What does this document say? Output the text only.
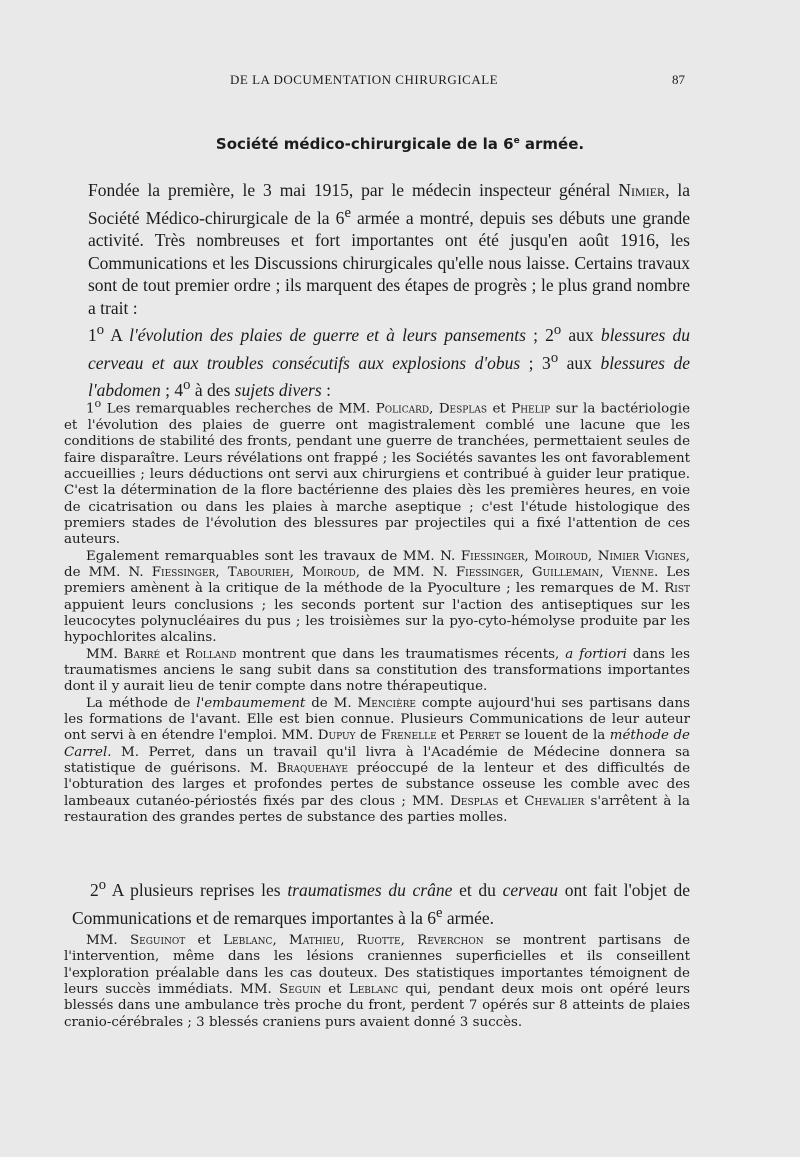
DE LA DOCUMENTATION CHIRURGICALE	87
Société médico-chirurgicale de la 6e armée.

Fondée la première, le 3 mai 1915, par le médecin inspecteur général Nimier, la Société Médico-chirurgicale de la 6e armée a montré, depuis ses débuts une grande activité. Très nombreuses et fort importantes ont été jusqu'en août 1916, les Communications et les Discussions chirurgicales qu'elle nous laisse. Certains travaux sont de tout premier ordre ; ils marquent des étapes de progrès ; le plus grand nombre a trait :

1$^o$ A l'évolution des plaies de guerre et à leurs pansements ; 2$^o$ aux blessures du cerveau et aux troubles consécutifs aux explosions d'obus ; 3$^o$ aux blessures de l'abdomen ; 4$^o$ à des sujets divers :

1$^o$ Les remarquables recherches de MM. Policard, Desplas et Phelip sur la bactériologie et l'évolution des plaies de guerre ont magistralement comblé une lacune que les conditions de stabilité des fronts, pendant une guerre de tranchées, permettaient seules de faire disparaître. Leurs révélations ont frappé ; les Sociétés savantes les ont favorablement accueillies ; leurs déductions ont servi aux chirurgiens et contribué à guider leur pratique. C'est la détermination de la flore bactérienne des plaies dès les premières heures, en voie de cicatrisation ou dans les plaies à marche aseptique ; c'est l'étude histologique des premiers stades de l'évolution des blessures par projectiles qui a fixé l'attention de ces auteurs.

Egalement remarquables sont les travaux de MM. N. Fiessinger, Moiroud, Nimier Vignes, de MM. N. Fiessinger, Tabourieh, Moiroud, de MM. N. Fiessinger, Guillemain, Vienne. Les premiers amènent à la critique de la méthode de la Pyoculture ; les remarques de M. Rist appuient leurs conclusions ; les seconds portent sur l'action des antiseptiques sur les leucocytes polynucléaires du pus ; les troisièmes sur la pyo-cyto-hémolyse produite par les hypochlorites alcalins.

MM. Barré et Rolland montrent que dans les traumatismes récents, a fortiori dans les traumatismes anciens le sang subit dans sa constitution des transformations importantes dont il y aurait lieu de tenir compte dans notre thérapeutique.

La méthode de l'embaumement de M. Mencière compte aujourd'hui ses partisans dans les formations de l'avant. Elle est bien connue. Plusieurs Communications de leur auteur ont servi à en étendre l'emploi. MM. Dupuy de Frenelle et Perret se louent de la méthode de Carrel. M. Perret, dans un travail qu'il livra à l'Académie de Médecine donnera sa statistique de guérisons. M. Braquehaye préoccupé de la lenteur et des difficultés de l'obturation des larges et profondes pertes de substance osseuse les comble avec des lambeaux cutanéo-périostés fixés par des clous ; MM. Desplas et Chevalier s'arrêtent à la restauration des grandes pertes de substance des parties molles.

2$^o$ A plusieurs reprises les traumatismes du crâne et du cerveau ont fait l'objet de Communications et de remarques importantes à la 6e armée.

MM. Seguinot et Leblanc, Mathieu, Ruotte, Reverchon se montrent partisans de l'intervention, même dans les lésions craniennes superficielles et ils conseillent l'exploration préalable dans les cas douteux. Des statistiques importantes témoignent de leurs succès immédiats. MM. Seguin et Leblanc qui, pendant deux mois ont opéré leurs blessés dans une ambulance très proche du front, perdent 7 opérés sur 8 atteints de plaies cranio-cérébrales ; 3 blessés craniens purs avaient donné 3 succès.
